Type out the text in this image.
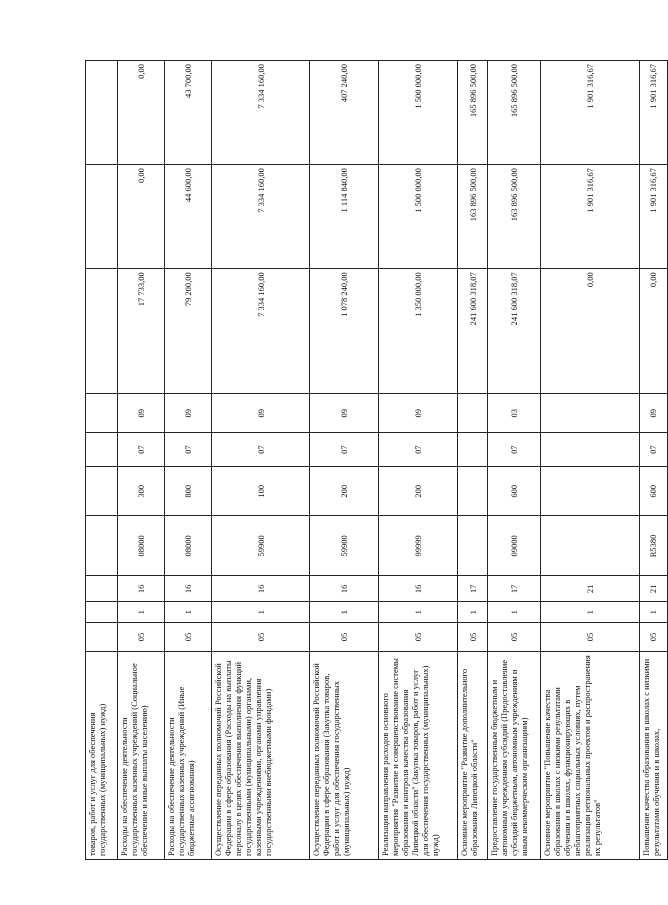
товаров, работ и услуг для обеспечения государственных (муниципальных) нужд)										
Расходы на обеспечение деятельности государственных казенных учреждений (Социальное обеспечение и иные выплаты населению)	05	1	16	08000	300	07	09	17 733,00	0,00	0,00
Расходы на обеспечение деятельности государственных казенных учреждений (Иные бюджетные ассигнования)	05	1	16	08000	800	07	09	79 200,00	44 600,00	43 700,00
Осуществление переданных полномочий Российской Федерации в сфере образования (Расходы на выплаты персоналу в целях обеспечения выполнения функций государственными (муниципальными) органами, казенными учреждениями, органами управления государственными внебюджетными фондами)	05	1	16	59900	100	07	09	7 334 160,00	7 334 160,00	7 334 160,00
Осуществление переданных полномочий Российской Федерации в сфере образования (Закупка товаров, работ и услуг для обеспечения государственных (муниципальных) нужд)	05	1	16	59900	200	07	09	1 078 240,00	1 114 840,00	407 240,00
Реализация направления расходов основного мероприятия "Развитие и совершенствование системы образования и контроля качества образования Липецкой области" (Закупка товаров, работ и услуг для обеспечения государственных (муниципальных) нужд)	05	1	16	99999	200	07	09	1 350 000,00	1 500 000,00	1 500 000,00
Основное мероприятие "Развитие дополнительного образования Липецкой области"	05	1	17					241 600 318,07	163 896 500,00	165 896 500,00
Предоставление государственным бюджетным и автономным учреждениям субсидий (Предоставление субсидий бюджетным, автономным учреждениям и иным некоммерческим организациям)	05	1	17	09000	600	07	03	241 600 318,07	163 896 500,00	165 896 500,00
Основное мероприятие "Повышение качества образования в школах с низкими результатами обучения и в школах, функционирующих в неблагоприятных социальных условиях, путем реализации региональных проектов и распространения их результатов"	05	1	21					0,00	1 901 316,67	1 901 316,67
Повышение качества образования в школах с низкими результатами обучения и в школах,	05	1	21	R5380	600	07	09	0,00	1 901 316,67	1 901 316,67
